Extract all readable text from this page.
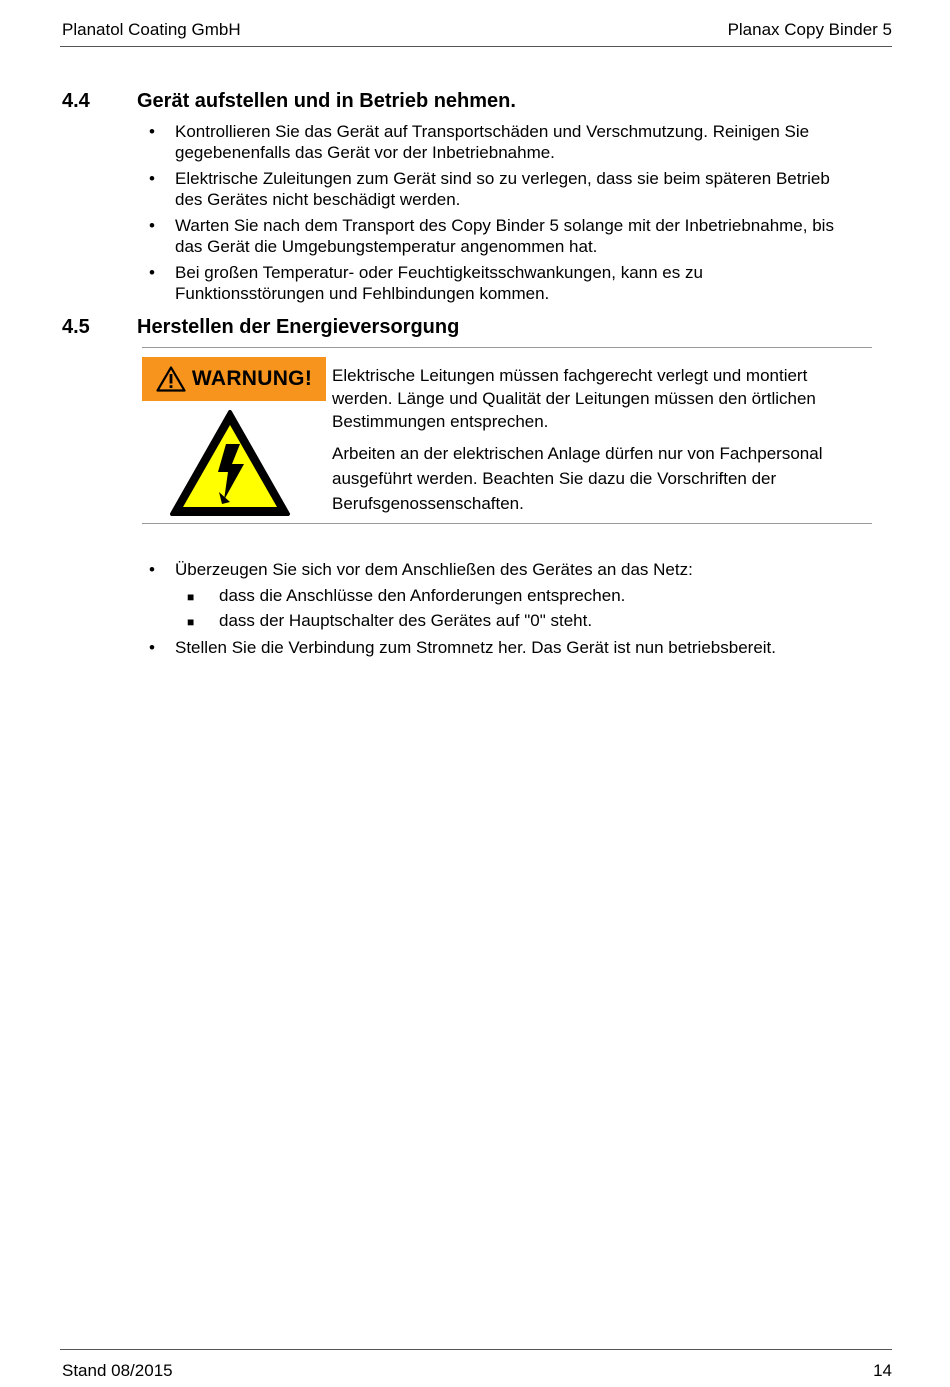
Planatol Coating GmbH	Planax Copy Binder 5
4.4	Gerät aufstellen und in Betrieb nehmen.
• Kontrollieren Sie das Gerät auf Transportschäden und Verschmutzung. Reinigen Sie
gegebenenfalls das Gerät vor der Inbetriebnahme.
• Elektrische Zuleitungen zum Gerät sind so zu verlegen, dass sie beim späteren Betrieb
des Gerätes nicht beschädigt werden.
• Warten Sie nach dem Transport des Copy Binder 5 solange mit der Inbetriebnahme, bis
das Gerät die Umgebungstemperatur angenommen hat.
• Bei großen Temperatur- oder Feuchtigkeitsschwankungen, kann es zu
Funktionsstörungen und Fehlbindungen kommen.
4.5	Herstellen der Energieversorgung
WARNUNG! Elektrische Leitungen müssen fachgerecht verlegt und montiert
werden. Länge und Qualität der Leitungen müssen den örtlichen
Bestimmungen entsprechen.
Arbeiten an der elektrischen Anlage dürfen nur von Fachpersonal
ausgeführt werden. Beachten Sie dazu die Vorschriften der
Berufsgenossenschaften.
• Überzeugen Sie sich vor dem Anschließen des Gerätes an das Netz:
■ dass die Anschlüsse den Anforderungen entsprechen.
■ dass der Hauptschalter des Gerätes auf "0" steht.
• Stellen Sie die Verbindung zum Stromnetz her. Das Gerät ist nun betriebsbereit.
Stand 08/2015	14
